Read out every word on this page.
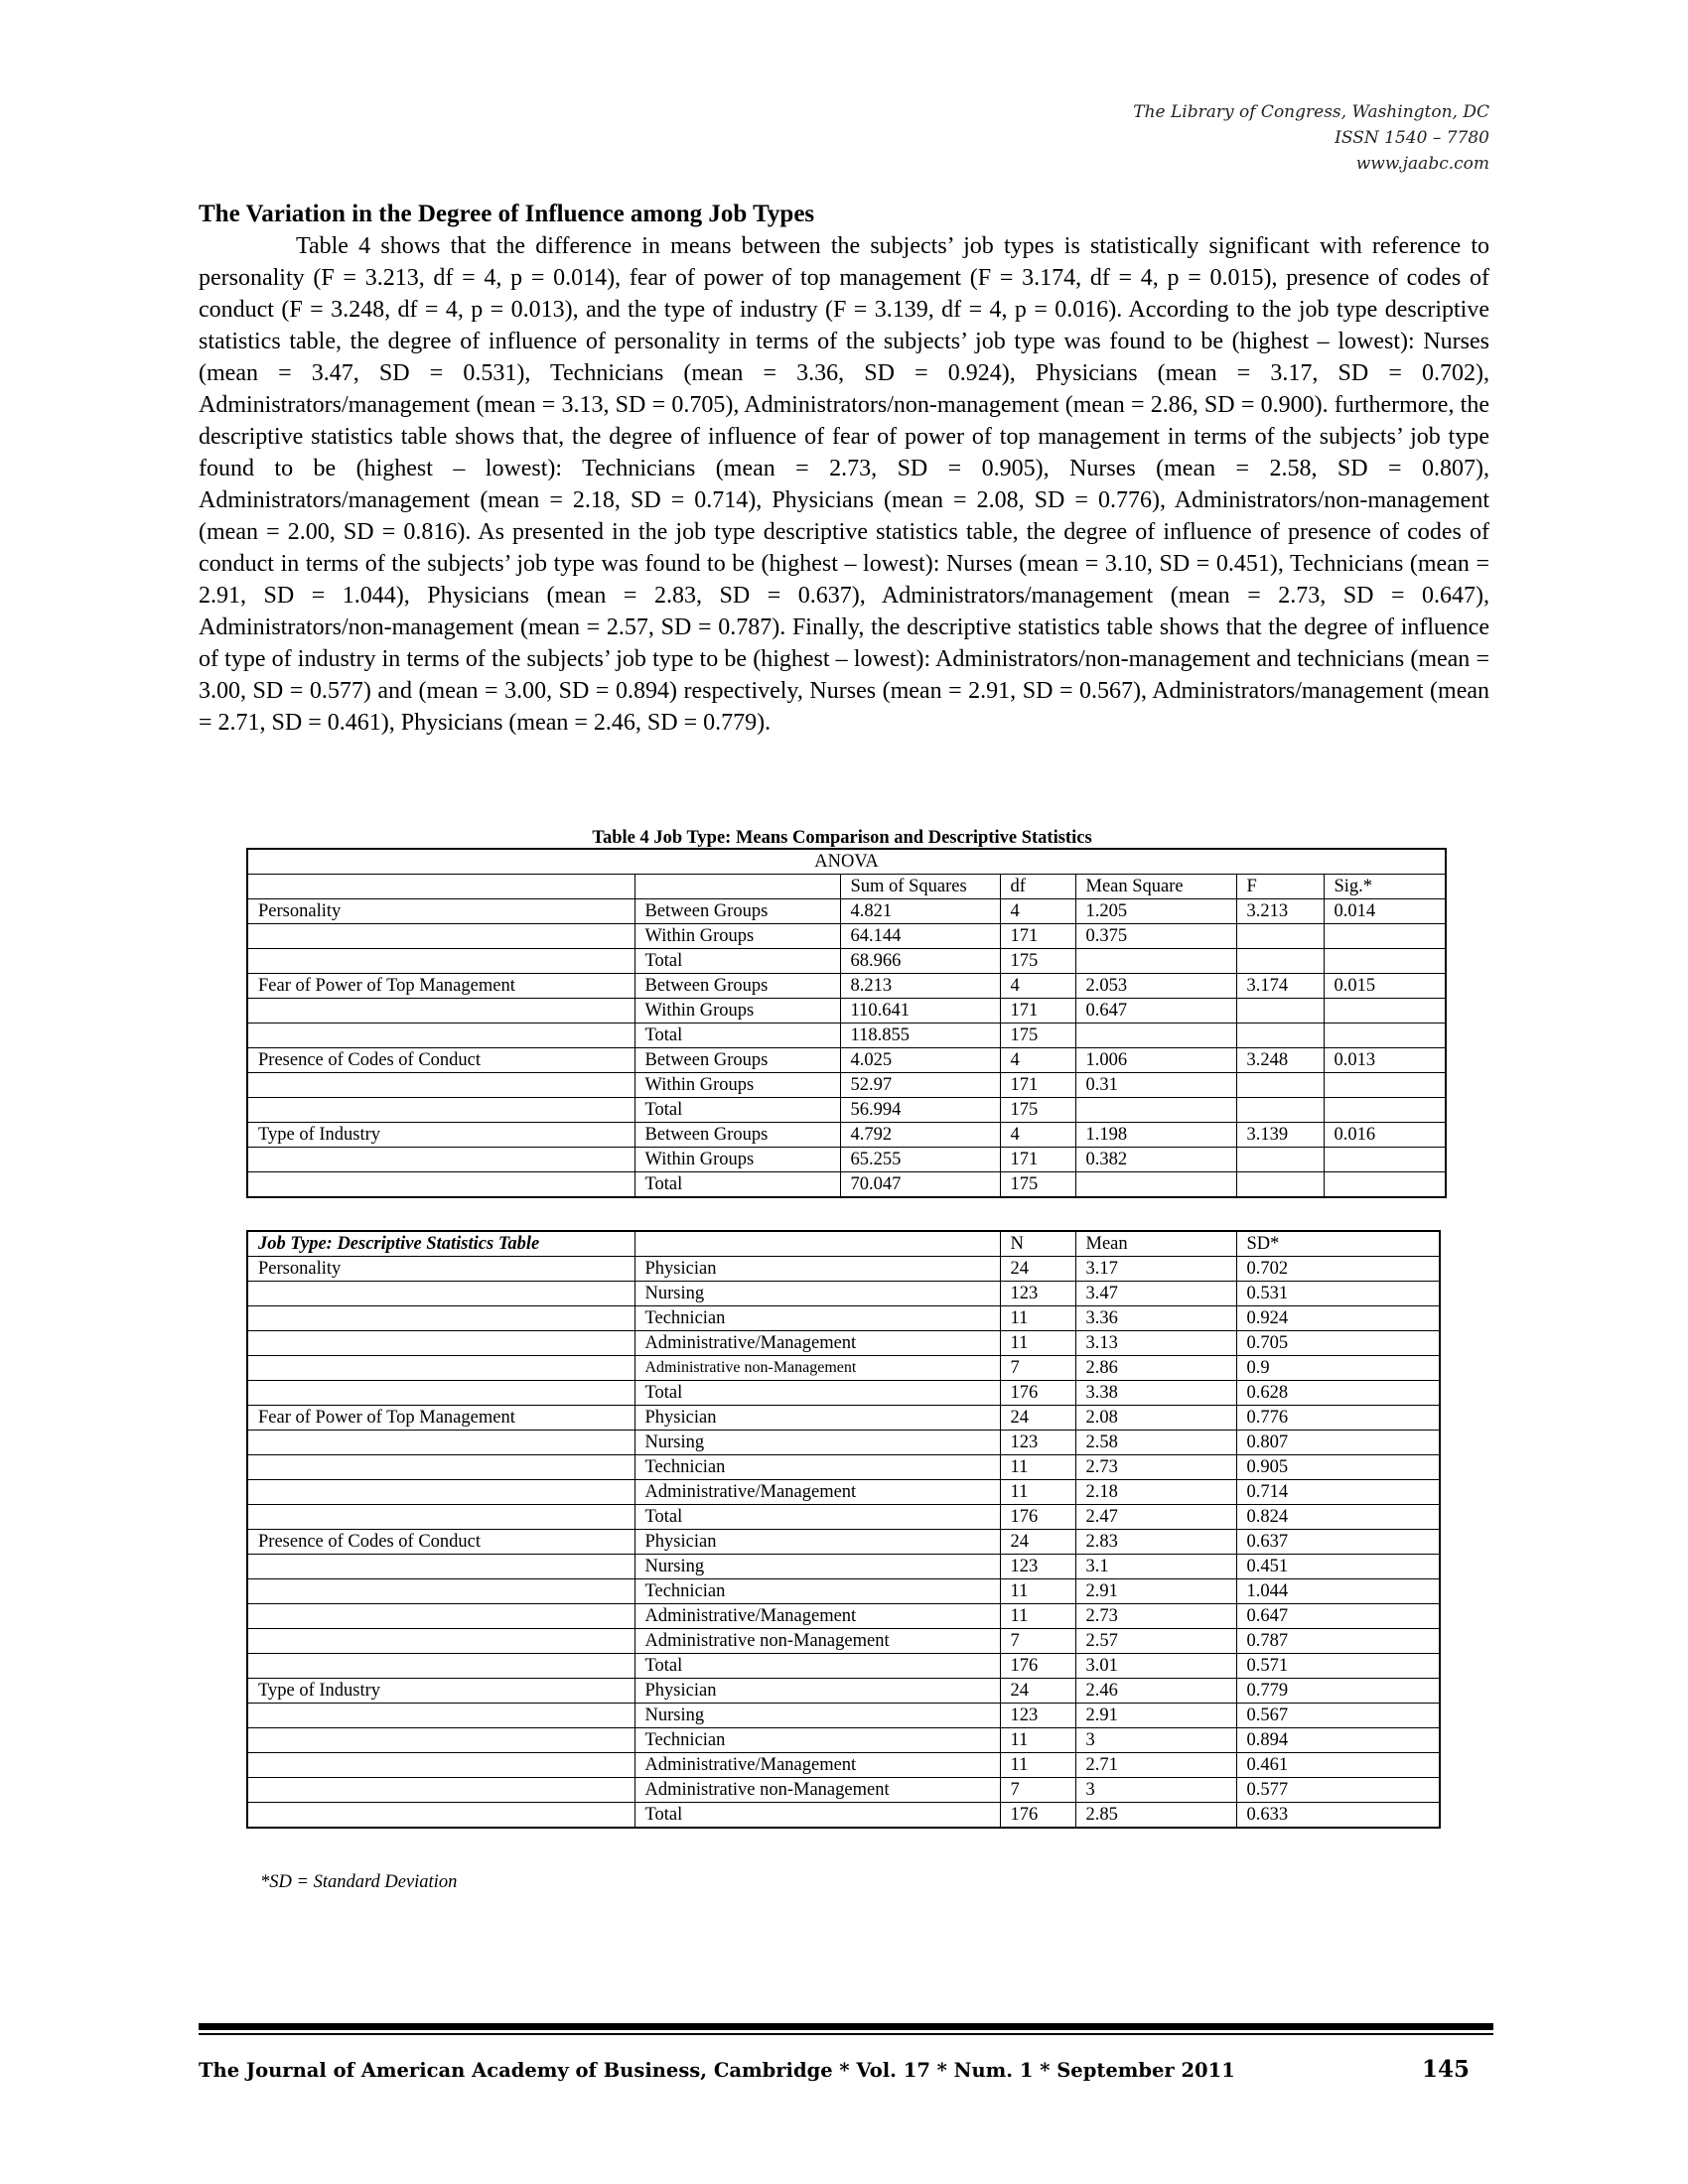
The Library of Congress, Washington, DC
ISSN 1540 – 7780
www.jaabc.com
The Variation in the Degree of Influence among Job Types

Table 4 shows that the difference in means between the subjects’ job types is statistically significant with reference to personality (F = 3.213, df = 4, p = 0.014), fear of power of top management (F = 3.174, df = 4, p = 0.015), presence of codes of conduct (F = 3.248, df = 4, p = 0.013), and the type of industry (F = 3.139, df = 4, p = 0.016). According to the job type descriptive statistics table, the degree of influence of personality in terms of the subjects’ job type was found to be (highest – lowest): Nurses (mean = 3.47, SD = 0.531), Technicians (mean = 3.36, SD = 0.924), Physicians (mean = 3.17, SD = 0.702), Administrators/management (mean = 3.13, SD = 0.705), Administrators/non-management (mean = 2.86, SD = 0.900). furthermore, the descriptive statistics table shows that, the degree of influence of fear of power of top management in terms of the subjects’ job type found to be (highest – lowest): Technicians (mean = 2.73, SD = 0.905), Nurses (mean = 2.58, SD = 0.807), Administrators/management (mean = 2.18, SD = 0.714), Physicians (mean = 2.08, SD = 0.776), Administrators/non-management (mean = 2.00, SD = 0.816). As presented in the job type descriptive statistics table, the degree of influence of presence of codes of conduct in terms of the subjects’ job type was found to be (highest – lowest): Nurses (mean = 3.10, SD = 0.451), Technicians (mean = 2.91, SD = 1.044), Physicians (mean = 2.83, SD = 0.637), Administrators/management (mean = 2.73, SD = 0.647), Administrators/non-management (mean = 2.57, SD = 0.787). Finally, the descriptive statistics table shows that the degree of influence of type of industry in terms of the subjects’ job type to be (highest – lowest): Administrators/non-management and technicians (mean = 3.00, SD = 0.577) and (mean = 3.00, SD = 0.894) respectively, Nurses (mean = 2.91, SD = 0.567), Administrators/management (mean = 2.71, SD = 0.461), Physicians (mean = 2.46, SD = 0.779).

Table 4 Job Type: Means Comparison and Descriptive Statistics
ANOVA						
		Sum of Squares	df	Mean Square	F	Sig.*
Personality	Between Groups	4.821	4	1.205	3.213	0.014
	Within Groups	64.144	171	0.375		
	Total	68.966	175			
Fear of Power of Top Management	Between Groups	8.213	4	2.053	3.174	0.015
	Within Groups	110.641	171	0.647		
	Total	118.855	175			
Presence of Codes of Conduct	Between Groups	4.025	4	1.006	3.248	0.013
	Within Groups	52.97	171	0.31		
	Total	56.994	175			
Type of Industry	Between Groups	4.792	4	1.198	3.139	0.016
	Within Groups	65.255	171	0.382		
	Total	70.047	175			
Job Type: Descriptive Statistics Table		N	Mean	SD*
Personality	Physician	24	3.17	0.702
	Nursing	123	3.47	0.531
	Technician	11	3.36	0.924
	Administrative/Management	11	3.13	0.705
	Administrative non-Management	7	2.86	0.9
	Total	176	3.38	0.628
Fear of Power of Top Management	Physician	24	2.08	0.776
	Nursing	123	2.58	0.807
	Technician	11	2.73	0.905
	Administrative/Management	11	2.18	0.714
	Total	176	2.47	0.824
Presence of Codes of Conduct	Physician	24	2.83	0.637
	Nursing	123	3.1	0.451
	Technician	11	2.91	1.044
	Administrative/Management	11	2.73	0.647
	Administrative non-Management	7	2.57	0.787
	Total	176	3.01	0.571
Type of Industry	Physician	24	2.46	0.779
	Nursing	123	2.91	0.567
	Technician	11	3	0.894
	Administrative/Management	11	2.71	0.461
	Administrative non-Management	7	3	0.577
	Total	176	2.85	0.633
*SD = Standard Deviation
The Journal of American Academy of Business, Cambridge * Vol. 17 * Num. 1 * September 2011	145
